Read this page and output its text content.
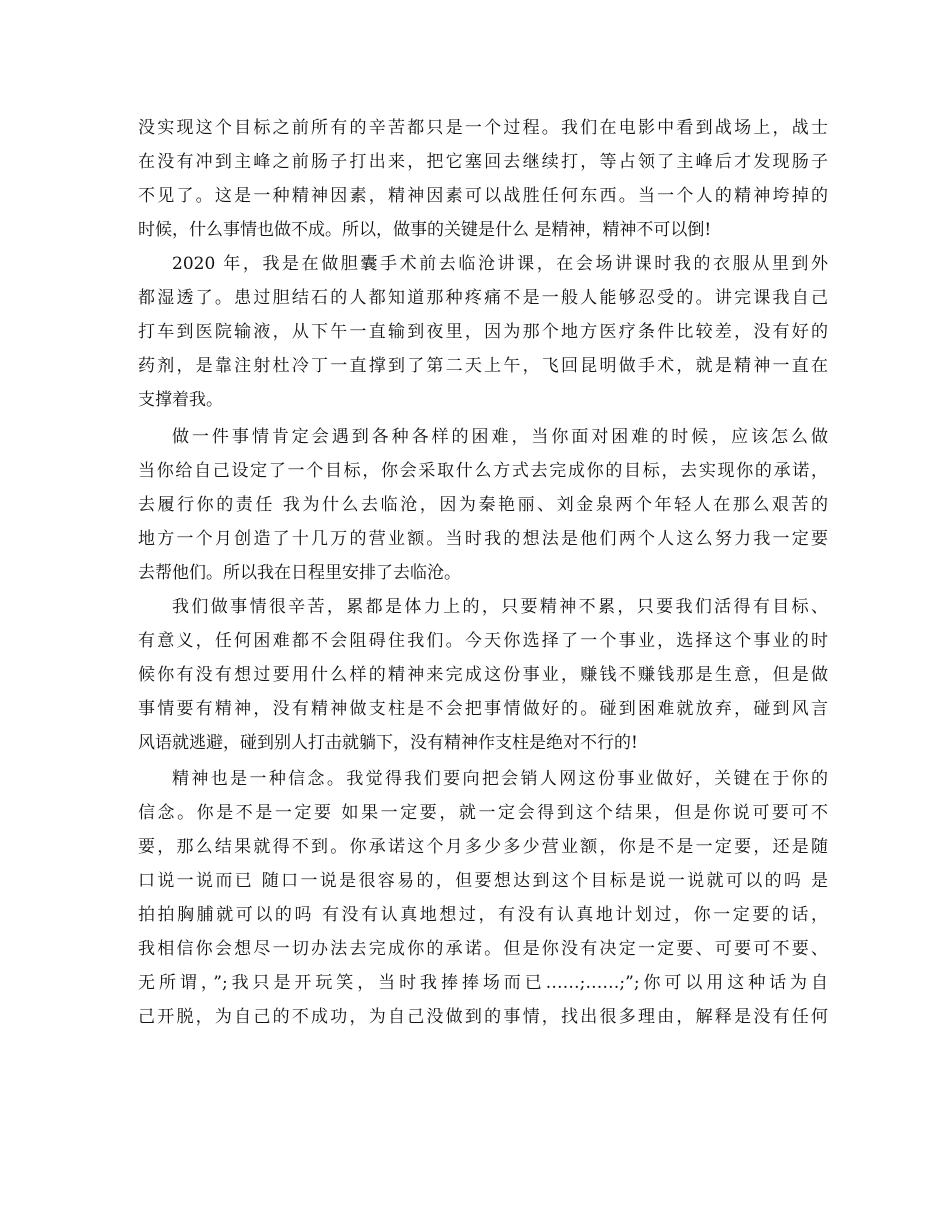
没实现这个目标之前所有的辛苦都只是一个过程。我们在电影中看到战场上，战士
在没有冲到主峰之前肠子打出来，把它塞回去继续打，等占领了主峰后才发现肠子
不见了。这是一种精神因素，精神因素可以战胜任何东西。当一个人的精神垮掉的
时候，什么事情也做不成。所以，做事的关键是什么 是精神，精神不可以倒!
2020 年，我是在做胆囊手术前去临沧讲课，在会场讲课时我的衣服从里到外
都湿透了。患过胆结石的人都知道那种疼痛不是一般人能够忍受的。讲完课我自己
打车到医院输液，从下午一直输到夜里，因为那个地方医疗条件比较差，没有好的
药剂，是靠注射杜冷丁一直撑到了第二天上午，飞回昆明做手术，就是精神一直在
支撑着我。
做一件事情肯定会遇到各种各样的困难，当你面对困难的时候，应该怎么做
当你给自己设定了一个目标，你会采取什么方式去完成你的目标，去实现你的承诺，
去履行你的责任 我为什么去临沧，因为秦艳丽、刘金泉两个年轻人在那么艰苦的
地方一个月创造了十几万的营业额。当时我的想法是他们两个人这么努力我一定要
去帮他们。所以我在日程里安排了去临沧。
我们做事情很辛苦，累都是体力上的，只要精神不累，只要我们活得有目标、
有意义，任何困难都不会阻碍住我们。今天你选择了一个事业，选择这个事业的时
候你有没有想过要用什么样的精神来完成这份事业，赚钱不赚钱那是生意，但是做
事情要有精神，没有精神做支柱是不会把事情做好的。碰到困难就放弃，碰到风言
风语就逃避，碰到别人打击就躺下，没有精神作支柱是绝对不行的!
精神也是一种信念。我觉得我们要向把会销人网这份事业做好，关键在于你的
信念。你是不是一定要 如果一定要，就一定会得到这个结果，但是你说可要可不
要，那么结果就得不到。你承诺这个月多少多少营业额，你是不是一定要，还是随
口说一说而已 随口一说是很容易的，但要想达到这个目标是说一说就可以的吗 是
拍拍胸脯就可以的吗 有没有认真地想过，有没有认真地计划过，你一定要的话，
我相信你会想尽一切办法去完成你的承诺。但是你没有决定一定要、可要可不要、
无所谓，”;我只是开玩笑，当时我捧捧场而已……;……;”;你可以用这种话为自
己开脱，为自己的不成功，为自己没做到的事情，找出很多理由，解释是没有任何
